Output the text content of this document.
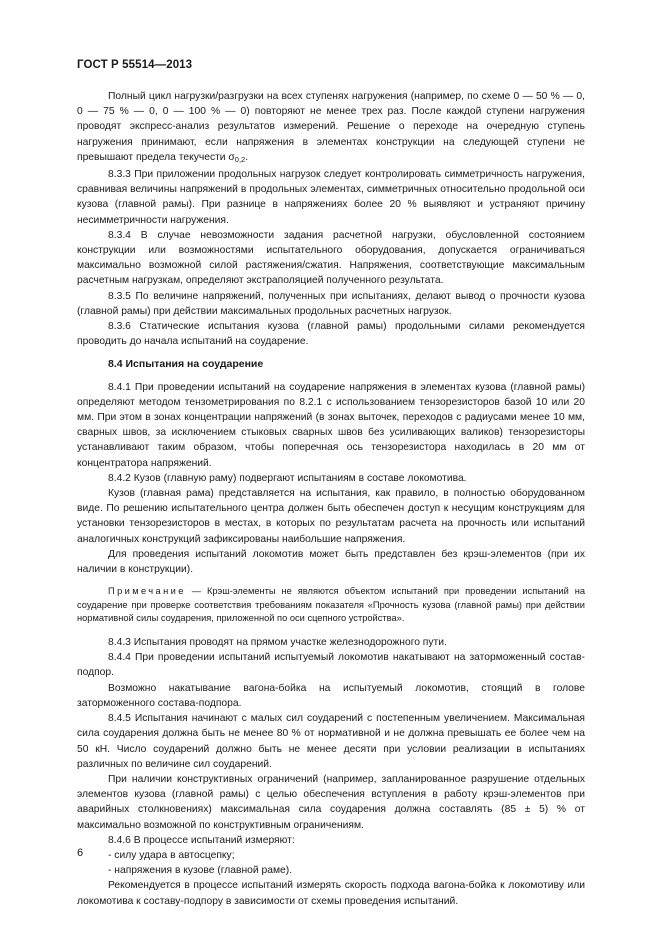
ГОСТ Р 55514—2013

Полный цикл нагрузки/разгрузки на всех ступенях нагружения (например, по схеме 0 — 50 % — 0, 0 — 75 % — 0, 0 — 100 % — 0) повторяют не менее трех раз. После каждой ступени нагружения проводят экспресс-анализ результатов измерений. Решение о переходе на очередную ступень нагружения принимают, если напряжения в элементах конструкции на следующей ступени не превышают предела текучести $\sigma_{0,2}$.

8.3.3 При приложении продольных нагрузок следует контролировать симметричность нагружения, сравнивая величины напряжений в продольных элементах, симметричных относительно продольной оси кузова (главной рамы). При разнице в напряжениях более 20 % выявляют и устраняют причину несимметричности нагружения.

8.3.4 В случае невозможности задания расчетной нагрузки, обусловленной состоянием конструкции или возможностями испытательного оборудования, допускается ограничиваться максимально возможной силой растяжения/сжатия. Напряжения, соответствующие максимальным расчетным нагрузкам, определяют экстраполяцией полученного результата.

8.3.5 По величине напряжений, полученных при испытаниях, делают вывод о прочности кузова (главной рамы) при действии максимальных продольных расчетных нагрузок.

8.3.6 Статические испытания кузова (главной рамы) продольными силами рекомендуется проводить до начала испытаний на соударение.

8.4 Испытания на соударение

8.4.1 При проведении испытаний на соударение напряжения в элементах кузова (главной рамы) определяют методом тензометрирования по 8.2.1 с использованием тензорезисторов базой 10 или 20 мм. При этом в зонах концентрации напряжений (в зонах выточек, переходов с радиусами менее 10 мм, сварных швов, за исключением стыковых сварных швов без усиливающих валиков) тензорезисторы устанавливают таким образом, чтобы поперечная ось тензорезистора находилась в 20 мм от концентратора напряжений.

8.4.2 Кузов (главную раму) подвергают испытаниям в составе локомотива.

Кузов (главная рама) представляется на испытания, как правило, в полностью оборудованном виде. По решению испытательного центра должен быть обеспечен доступ к несущим конструкциям для установки тензорезисторов в местах, в которых по результатам расчета на прочность или испытаний аналогичных конструкций зафиксированы наибольшие напряжения.

Для проведения испытаний локомотив может быть представлен без крэш-элементов (при их наличии в конструкции).

Примечание — Крэш-элементы не являются объектом испытаний при проведении испытаний на соударение при проверке соответствия требованиям показателя «Прочность кузова (главной рамы) при действии нормативной силы соударения, приложенной по оси сцепного устройства».

8.4.3 Испытания проводят на прямом участке железнодорожного пути.

8.4.4 При проведении испытаний испытуемый локомотив накатывают на заторможенный состав-подпор.

Возможно накатывание вагона-бойка на испытуемый локомотив, стоящий в голове заторможенного состава-подпора.

8.4.5 Испытания начинают с малых сил соударений с постепенным увеличением. Максимальная сила соударения должна быть не менее 80 % от нормативной и не должна превышать ее более чем на 50 кН. Число соударений должно быть не менее десяти при условии реализации в испытаниях различных по величине сил соударений.

При наличии конструктивных ограничений (например, запланированное разрушение отдельных элементов кузова (главной рамы) с целью обеспечения вступления в работу крэш-элементов при аварийных столкновениях) максимальная сила соударения должна составлять (85 ± 5) % от максимально возможной по конструктивным ограничениям.

8.4.6 В процессе испытаний измеряют:

- силу удара в автосцепку;

- напряжения в кузове (главной раме).

Рекомендуется в процессе испытаний измерять скорость подхода вагона-бойка к локомотиву или локомотива к составу-подпору в зависимости от схемы проведения испытаний.

6
